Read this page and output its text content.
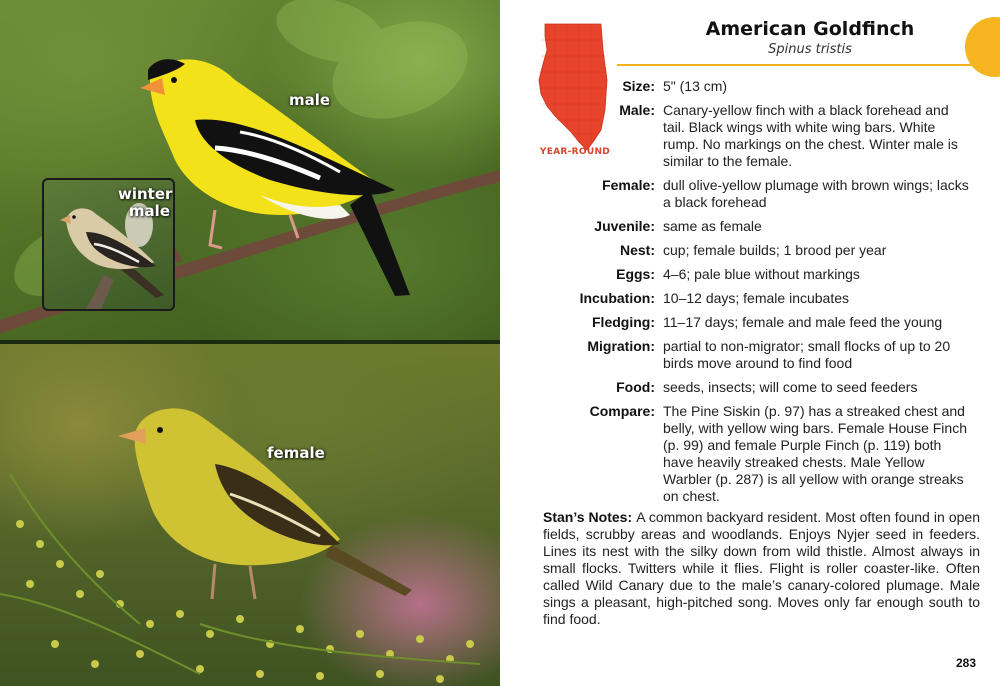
male
winter male
female
YEAR-ROUND
American Goldfinch
Spinus tristis
Size: 5" (13 cm)
Male: Canary-yellow finch with a black forehead and tail. Black wings with white wing bars. White rump. No markings on the chest. Winter male is similar to the female.
Female: dull olive-yellow plumage with brown wings; lacks a black forehead
Juvenile: same as female
Nest: cup; female builds; 1 brood per year
Eggs: 4–6; pale blue without markings
Incubation: 10–12 days; female incubates
Fledging: 11–17 days; female and male feed the young
Migration: partial to non-migrator; small flocks of up to 20 birds move around to find food
Food: seeds, insects; will come to seed feeders
Compare: The Pine Siskin (p. 97) has a streaked chest and belly, with yellow wing bars. Female House Finch (p. 99) and female Purple Finch (p. 119) both have heavily streaked chests. Male Yellow Warbler (p. 287) is all yellow with orange streaks on chest.
Stan’s Notes: A common backyard resident. Most often found in open fields, scrubby areas and woodlands. Enjoys Nyjer seed in feeders. Lines its nest with the silky down from wild thistle. Almost always in small flocks. Twitters while it flies. Flight is roller coaster-like. Often called Wild Canary due to the male’s canary-colored plumage. Male sings a pleasant, high-pitched song. Moves only far enough south to find food.
283
